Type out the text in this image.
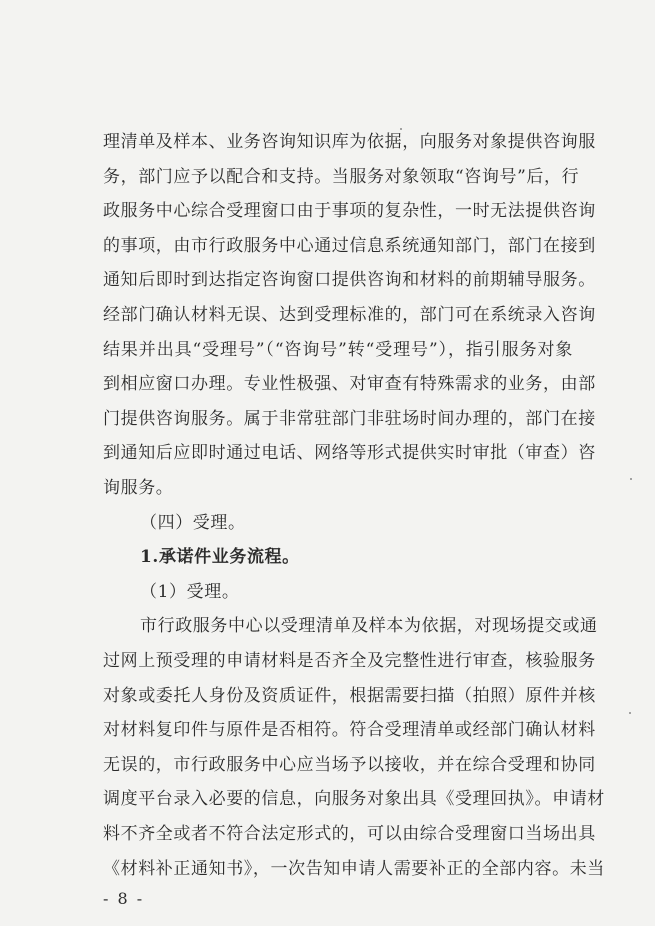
理清单及样本、业务咨询知识库为依据，向服务对象提供咨询服
务，部门应予以配合和支持。当服务对象领取“咨询号”后，行
政服务中心综合受理窗口由于事项的复杂性，一时无法提供咨询
的事项，由市行政服务中心通过信息系统通知部门，部门在接到
通知后即时到达指定咨询窗口提供咨询和材料的前期辅导服务。
经部门确认材料无误、达到受理标准的，部门可在系统录入咨询
结果并出具“受理号”（“咨询号”转“受理号”），指引服务对象
到相应窗口办理。专业性极强、对审查有特殊需求的业务，由部
门提供咨询服务。属于非常驻部门非驻场时间办理的，部门在接
到通知后应即时通过电话、网络等形式提供实时审批（审查）咨
询服务。
（四）受理。
1.承诺件业务流程。
（1）受理。
市行政服务中心以受理清单及样本为依据，对现场提交或通
过网上预受理的申请材料是否齐全及完整性进行审查，核验服务
对象或委托人身份及资质证件，根据需要扫描（拍照）原件并核
对材料复印件与原件是否相符。符合受理清单或经部门确认材料
无误的，市行政服务中心应当场予以接收，并在综合受理和协同
调度平台录入必要的信息，向服务对象出具《受理回执》。申请材
料不齐全或者不符合法定形式的，可以由综合受理窗口当场出具
《材料补正通知书》，一次告知申请人需要补正的全部内容。未当
- 8 -
